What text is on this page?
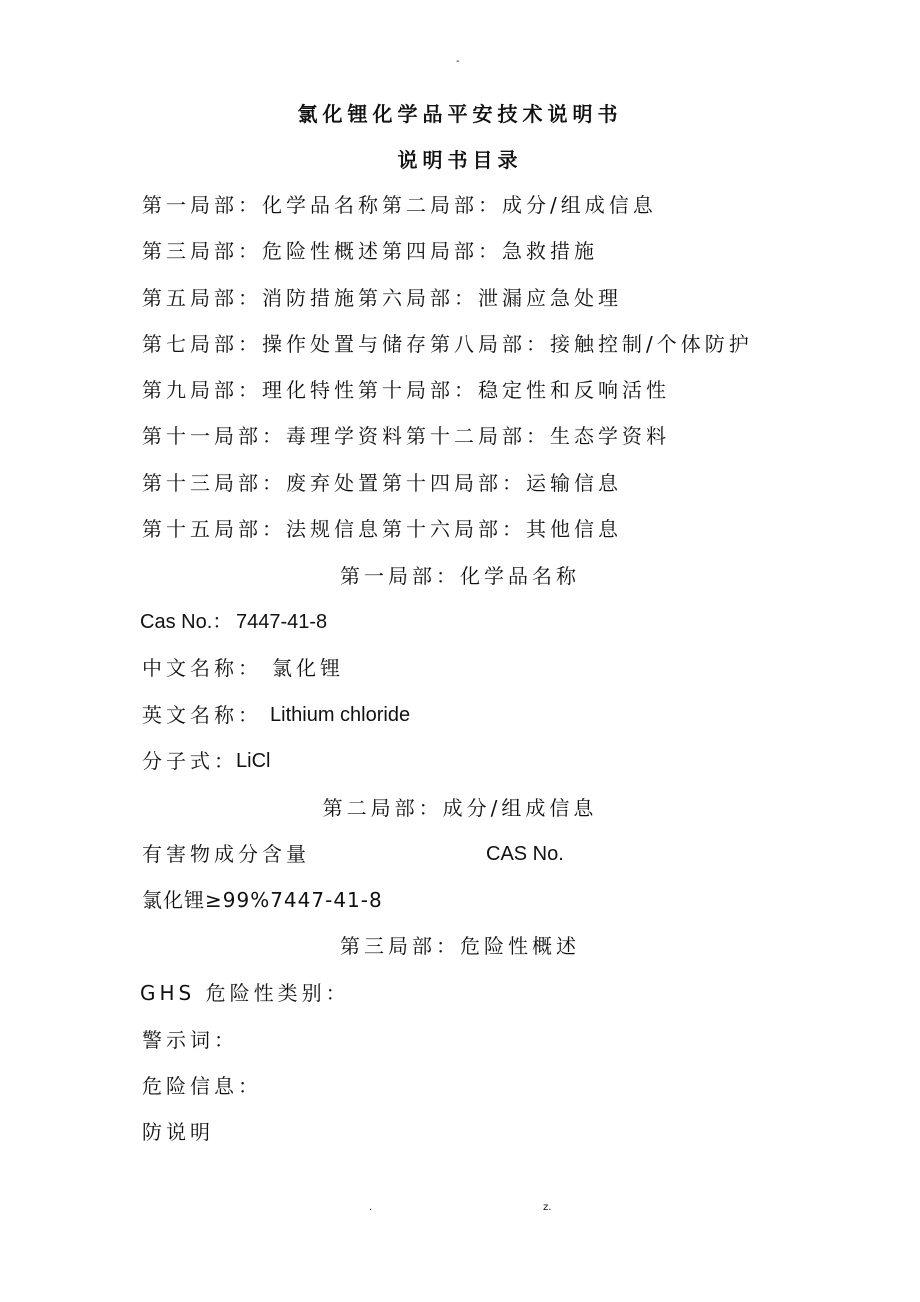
-
氯化锂化学品平安技术说明书
说明书目录
第一局部：化学品名称第二局部：成分/组成信息
第三局部：危险性概述第四局部：急救措施
第五局部：消防措施第六局部：泄漏应急处理
第七局部：操作处置与储存第八局部：接触控制/个体防护
第九局部：理化特性第十局部：稳定性和反响活性
第十一局部：毒理学资料第十二局部：生态学资料
第十三局部：废弃处置第十四局部：运输信息
第十五局部：法规信息第十六局部：其他信息
第一局部：化学品名称
Cas No.： 7447-41-8
中文名称： 氯化锂
英文名称： Lithium chloride
分子式：
LiCl
第二局部：成分/组成信息
有害物成分含量	CAS No.
氯化锂≥99%7447-41-8
第三局部：危险性概述
GHS 危险性类别：
警示词：
危险信息：
防说明
.	z.
